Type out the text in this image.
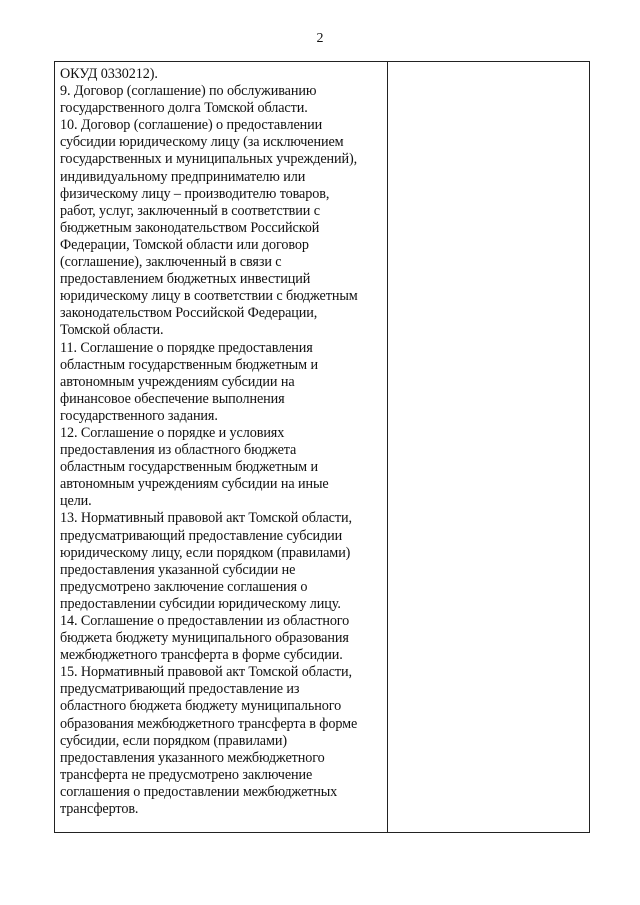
2
ОКУД 0330212).
9. Договор (соглашение) по обслуживанию
государственного долга Томской области.
10. Договор (соглашение) о предоставлении
субсидии юридическому лицу (за исключением
государственных и муниципальных учреждений),
индивидуальному предпринимателю или
физическому лицу – производителю товаров,
работ, услуг, заключенный в соответствии с
бюджетным законодательством Российской
Федерации, Томской области или договор
(соглашение), заключенный в связи с
предоставлением бюджетных инвестиций
юридическому лицу в соответствии с бюджетным
законодательством Российской Федерации,
Томской области.
11. Соглашение о порядке предоставления
областным государственным бюджетным и
автономным учреждениям субсидии на
финансовое обеспечение выполнения
государственного задания.
12. Соглашение о порядке и условиях
предоставления из областного бюджета
областным государственным бюджетным и
автономным учреждениям субсидии на иные
цели.
13. Нормативный правовой акт Томской области,
предусматривающий предоставление субсидии
юридическому лицу, если порядком (правилами)
предоставления указанной субсидии не
предусмотрено заключение соглашения о
предоставлении субсидии юридическому лицу.
14. Соглашение о предоставлении из областного
бюджета бюджету муниципального образования
межбюджетного трансферта в форме субсидии.
15. Нормативный правовой акт Томской области,
предусматривающий предоставление из
областного бюджета бюджету муниципального
образования межбюджетного трансферта в форме
субсидии, если порядком (правилами)
предоставления указанного межбюджетного
трансферта не предусмотрено заключение
соглашения о предоставлении межбюджетных
трансфертов.
